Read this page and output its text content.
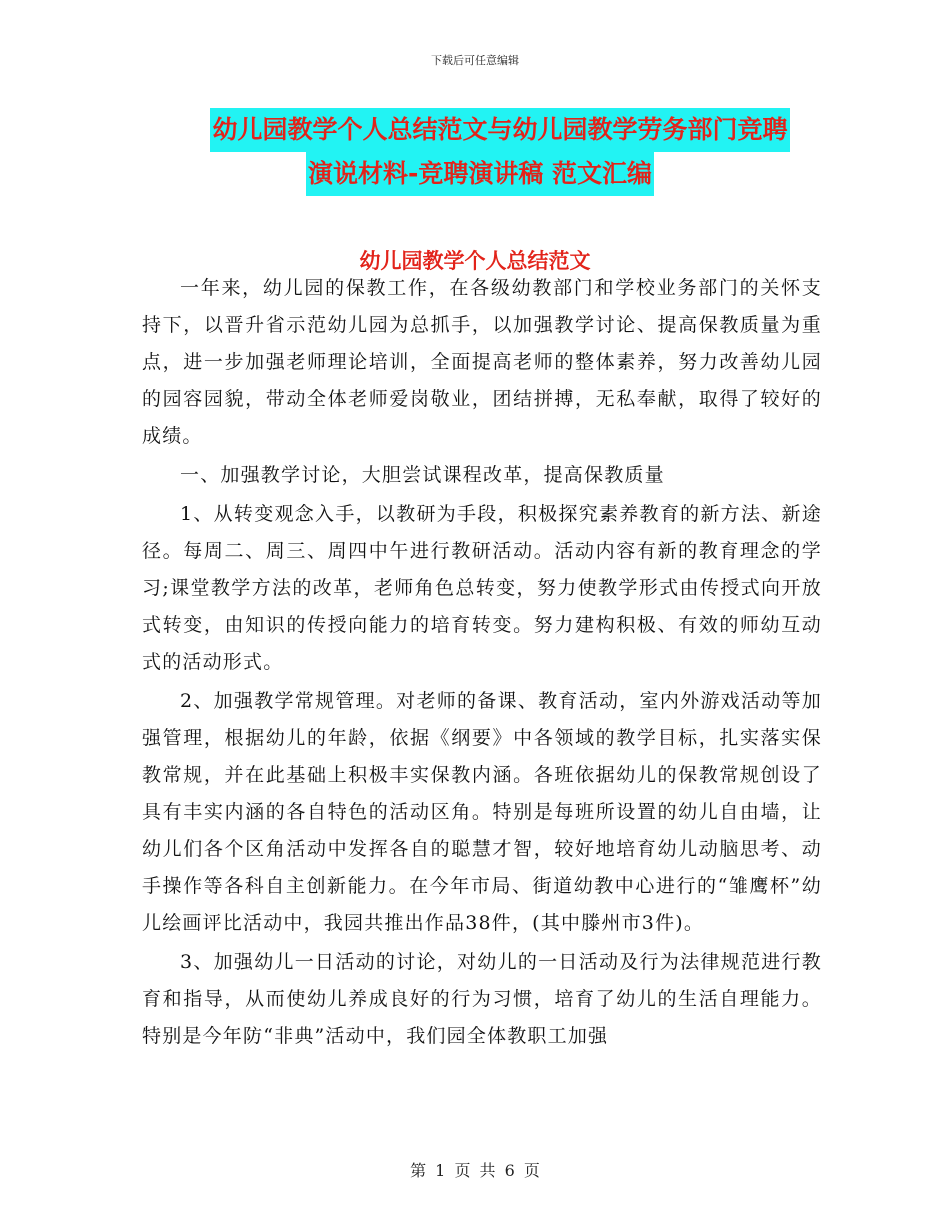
下载后可任意编辑
幼儿园教学个人总结范文与幼儿园教学劳务部门竞聘
演说材料-竞聘演讲稿 范文汇编
幼儿园教学个人总结范文

一年来，幼儿园的保教工作，在各级幼教部门和学校业务部门的关怀支持下，以晋升省示范幼儿园为总抓手，以加强教学讨论、提高保教质量为重点，进一步加强老师理论培训，全面提高老师的整体素养，努力改善幼儿园的园容园貌，带动全体老师爱岗敬业，团结拼搏，无私奉献，取得了较好的成绩。

一、加强教学讨论，大胆尝试课程改革，提高保教质量

1、从转变观念入手，以教研为手段，积极探究素养教育的新方法、新途径。每周二、周三、周四中午进行教研活动。活动内容有新的教育理念的学习;课堂教学方法的改革，老师角色总转变，努力使教学形式由传授式向开放式转变，由知识的传授向能力的培育转变。努力建构积极、有效的师幼互动式的活动形式。

2、加强教学常规管理。对老师的备课、教育活动，室内外游戏活动等加强管理，根据幼儿的年龄，依据《纲要》中各领域的教学目标，扎实落实保教常规，并在此基础上积极丰实保教内涵。各班依据幼儿的保教常规创设了具有丰实内涵的各自特色的活动区角。特别是每班所设置的幼儿自由墙，让幼儿们各个区角活动中发挥各自的聪慧才智，较好地培育幼儿动脑思考、动手操作等各科自主创新能力。在今年市局、街道幼教中心进行的“雏鹰杯”幼儿绘画评比活动中，我园共推出作品38件，(其中滕州市3件)。

3、加强幼儿一日活动的讨论，对幼儿的一日活动及行为法律规范进行教育和指导，从而使幼儿养成良好的行为习惯，培育了幼儿的生活自理能力。特别是今年防“非典”活动中，我们园全体教职工加强

第 1 页 共 6 页
